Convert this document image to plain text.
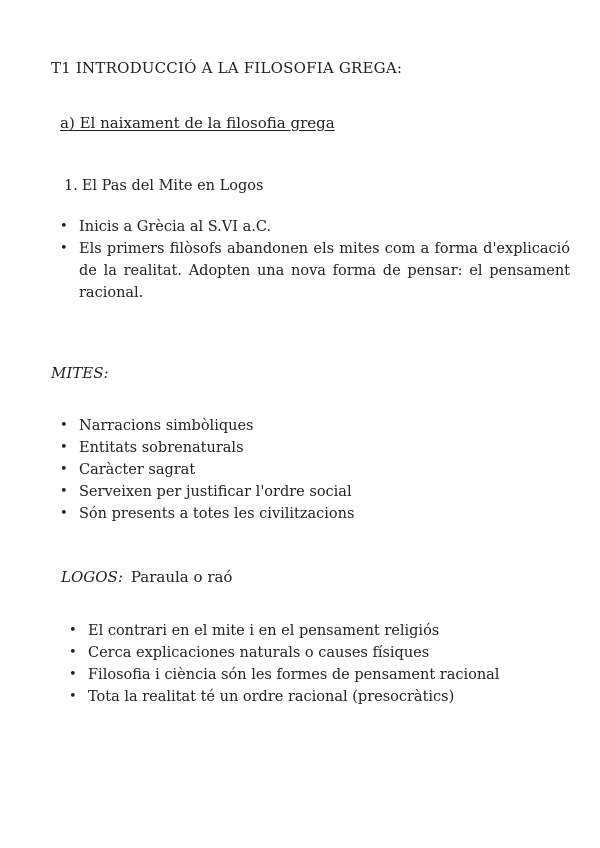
T1 INTRODUCCIÓ A LA FILOSOFIA GREGA:
a) El naixament de la filosofia grega
1. El Pas del Mite en Logos
• Inicis a Grècia al S.VI a.C.
• Els primers filòsofs abandonen els mites com a forma d'explicació de la realitat. Adopten una nova forma de pensar: el pensament racional.
MITES:
• Narracions simbòliques
• Entitats sobrenaturals
• Caràcter sagrat
• Serveixen per justificar l'ordre social
• Són presents a totes les civilitzacions
LOGOS: Paraula o raó
• El contrari en el mite i en el pensament religiós
• Cerca explicaciones naturals o causes físiques
• Filosofia i ciència són les formes de pensament racional
• Tota la realitat té un ordre racional (presocràtics)
